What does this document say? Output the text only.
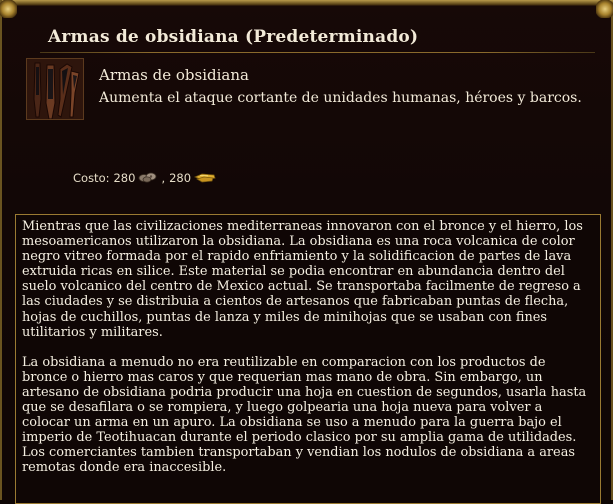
Armas de obsidiana (Predeterminado)
Armas de obsidiana
Aumenta el ataque cortante de unidades humanas, héroes y barcos.
Costo: 280 , 280

Mientras que las civilizaciones mediterraneas innovaron con el bronce y el hierro, los mesoamericanos utilizaron la obsidiana. La obsidiana es una roca volcanica de color negro vitreo formada por el rapido enfriamiento y la solidificacion de partes de lava extruida ricas en silice. Este material se podia encontrar en abundancia dentro del suelo volcanico del centro de Mexico actual. Se transportaba facilmente de regreso a las ciudades y se distribuia a cientos de artesanos que fabricaban puntas de flecha, hojas de cuchillos, puntas de lanza y miles de minihojas que se usaban con fines utilitarios y militares.

La obsidiana a menudo no era reutilizable en comparacion con los productos de bronce o hierro mas caros y que requerian mas mano de obra. Sin embargo, un artesano de obsidiana podria producir una hoja en cuestion de segundos, usarla hasta que se desafilara o se rompiera, y luego golpearia una hoja nueva para volver a colocar un arma en un apuro. La obsidiana se uso a menudo para la guerra bajo el imperio de Teotihuacan durante el periodo clasico por su amplia gama de utilidades. Los comerciantes tambien transportaban y vendian los nodulos de obsidiana a areas remotas donde era inaccesible.
